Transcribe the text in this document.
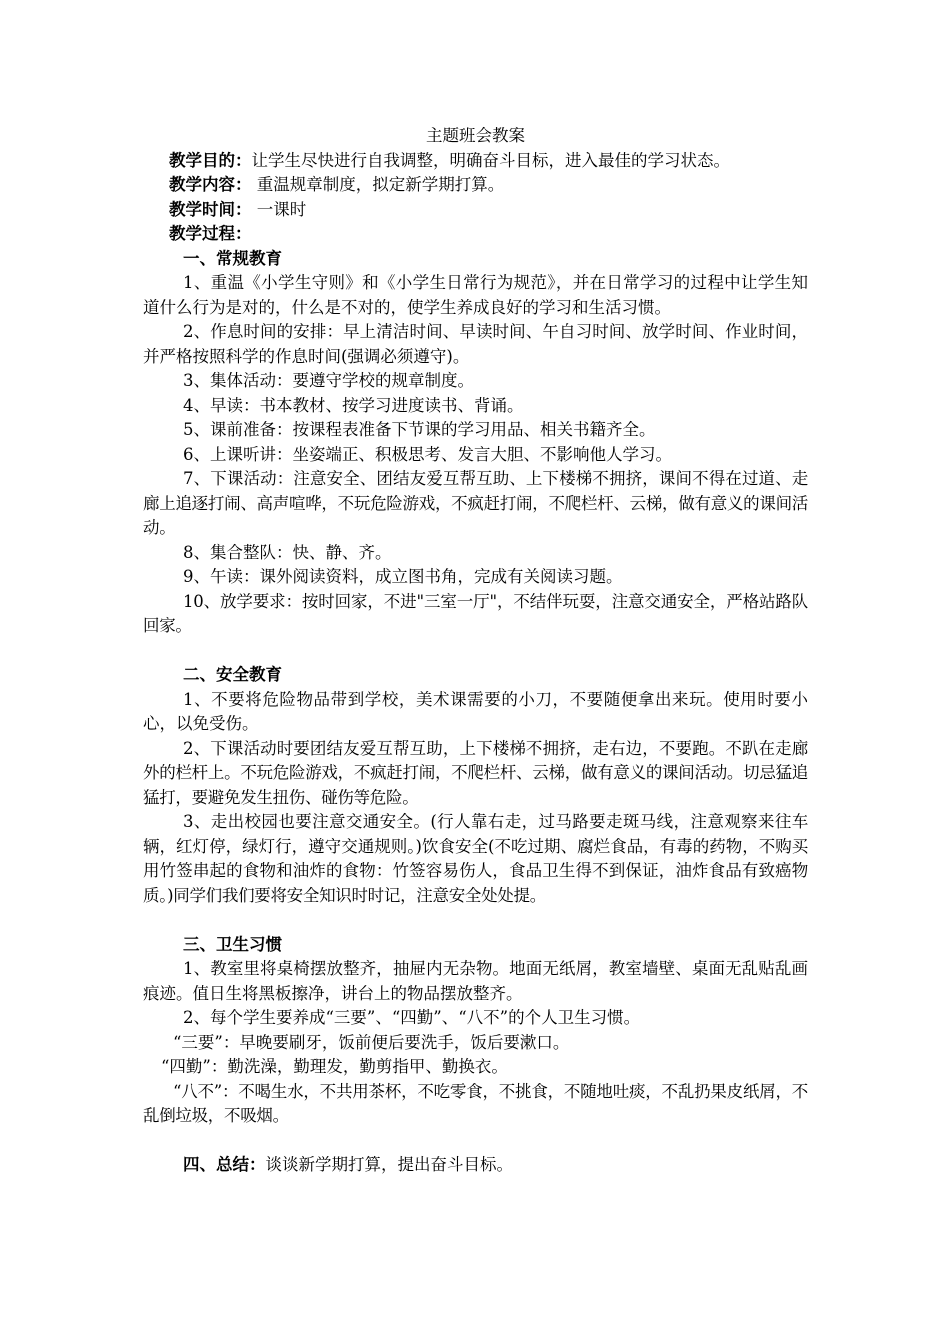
主题班会教案

教学目的：让学生尽快进行自我调整，明确奋斗目标，进入最佳的学习状态。

教学内容： 重温规章制度，拟定新学期打算。

教学时间： 一课时

教学过程：

一、常规教育

1、重温《小学生守则》和《小学生日常行为规范》，并在日常学习的过程中让学生知道什么行为是对的，什么是不对的，使学生养成良好的学习和生活习惯。

2、作息时间的安排：早上清洁时间、早读时间、午自习时间、放学时间、作业时间，并严格按照科学的作息时间(强调必须遵守)。

3、集体活动：要遵守学校的规章制度。

4、早读：书本教材、按学习进度读书、背诵。

5、课前准备：按课程表准备下节课的学习用品、相关书籍齐全。

6、上课听讲：坐姿端正、积极思考、发言大胆、不影响他人学习。

7、下课活动：注意安全、团结友爱互帮互助、上下楼梯不拥挤，课间不得在过道、走廊上追逐打闹、高声喧哗，不玩危险游戏，不疯赶打闹，不爬栏杆、云梯，做有意义的课间活动。

8、集合整队：快、静、齐。

9、午读：课外阅读资料，成立图书角，完成有关阅读习题。

10、放学要求：按时回家，不进"三室一厅"，不结伴玩耍，注意交通安全，严格站路队回家。

二、安全教育

1、不要将危险物品带到学校，美术课需要的小刀，不要随便拿出来玩。使用时要小心，以免受伤。

2、下课活动时要团结友爱互帮互助，上下楼梯不拥挤，走右边，不要跑。不趴在走廊外的栏杆上。不玩危险游戏，不疯赶打闹，不爬栏杆、云梯，做有意义的课间活动。切忌猛追猛打，要避免发生扭伤、碰伤等危险。

3、走出校园也要注意交通安全。(行人靠右走，过马路要走斑马线，注意观察来往车辆，红灯停，绿灯行，遵守交通规则。)饮食安全(不吃过期、腐烂食品，有毒的药物，不购买用竹签串起的食物和油炸的食物：竹签容易伤人，食品卫生得不到保证，油炸食品有致癌物质。)同学们我们要将安全知识时时记，注意安全处处提。

三、卫生习惯

1、教室里将桌椅摆放整齐，抽屉内无杂物。地面无纸屑，教室墙壁、桌面无乱贴乱画痕迹。值日生将黑板擦净，讲台上的物品摆放整齐。

2、每个学生要养成“三要”、“四勤”、“八不”的个人卫生习惯。

“三要”：早晚要刷牙，饭前便后要洗手，饭后要漱口。

“四勤”：勤洗澡，勤理发，勤剪指甲、勤换衣。

“八不”：不喝生水，不共用茶杯，不吃零食，不挑食，不随地吐痰，不乱扔果皮纸屑，不乱倒垃圾，不吸烟。

四、总结：谈谈新学期打算，提出奋斗目标。
